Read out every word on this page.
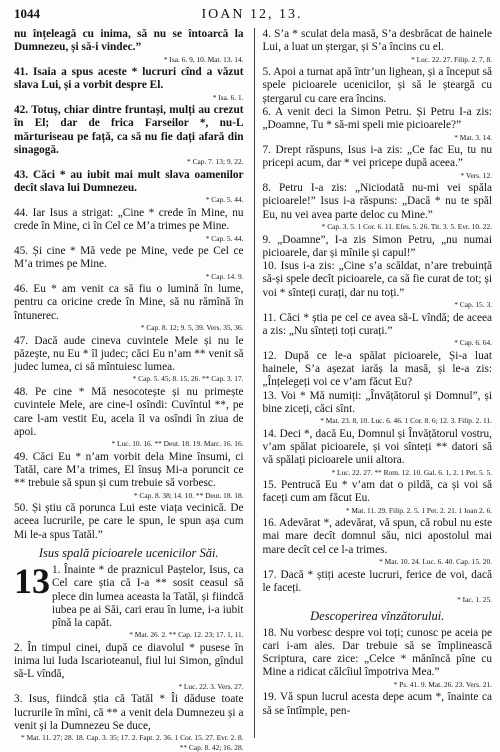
1044	IOAN 12, 13.

nu înțeleagă cu inima, să nu se întoarcă la Dumnezeu, și să-i vindec.”

* Isa. 6. 9, 10. Mat. 13. 14.

41. Isaia a spus aceste * lucruri cînd a văzut slava Lui, și a vorbit despre El.

* Isa. 6. 1.

42. Totuș, chiar dintre fruntași, mulți au crezut în El; dar de frica Farseilor *, nu-L mărturiseau pe față, ca să nu fie dați afară din sinagogă.

* Cap. 7. 13; 9. 22.

43. Căci * au iubit mai mult slava oamenilor decît slava lui Dumnezeu.

* Cap. 5. 44.

44. Iar Isus a strigat: „Cine * crede în Mine, nu crede în Mine, ci în Cel ce M’a trimes pe Mine.

* Cap. 5. 44.

45. Și cine * Mă vede pe Mine, vede pe Cel ce M’a trimes pe Mine.

* Cap. 14. 9.

46. Eu * am venit ca să fiu o lumină în lume, pentru ca oricine crede în Mine, să nu rămînă în întunerec.

* Cap. 8. 12; 9. 5, 39. Vers. 35, 36.

47. Dacă aude cineva cuvintele Mele și nu le păzește, nu Eu * îl judec; căci Eu n’am ** venit să judec lumea, ci să mîntuiesc lumea.

* Cap. 5. 45; 8. 15, 26. ** Cap. 3. 17.

48. Pe cine * Mă nesocotește și nu primește cuvintele Mele, are cine-l osîndi: Cuvîntul **, pe care l-am vestit Eu, acela îl va osîndi în ziua de apoi.

* Luc. 10. 16. ** Deut. 18. 19. Marc. 16. 16.

49. Căci Eu * n’am vorbit dela Mine însumi, ci Tatăl, care M’a trimes, El însuș Mi-a poruncit ce ** trebuie să spun și cum trebuie să vorbesc.

* Cap. 8. 38; 14. 10. ** Deut. 18. 18.

50. Și știu că porunca Lui este viața vecinică. De aceea lucrurile, pe care le spun, le spun așa cum Mi le-a spus Tatăl.”

Isus spală picioarele ucenicilor Săi.

13 1. Înainte * de praznicul Paștelor, Isus, ca Cel care știa că I-a ** sosit ceasul să plece din lumea aceasta la Tatăl, și fiindcă iubea pe ai Săi, cari erau în lume, i-a iubit pînă la capăt.

* Mat. 26. 2. ** Cap. 12. 23; 17. 1, 11.

2. În timpul cinei, după ce diavolul * pusese în inima lui Iuda Iscarioteanul, fiul lui Simon, gîndul să-L vîndă,

* Luc. 22. 3. Vers. 27.

3. Isus, fiindcă știa că Tatăl * Îi dăduse toate lucrurile în mîni, că ** a venit dela Dumnezeu și a venit și la Dumnezeu Se duce,

* Mat. 11. 27; 28. 18. Cap. 3. 35; 17. 2. Fapt. 2. 36. 1 Cor. 15. 27. Evr. 2. 8. ** Cap. 8. 42; 16. 28.

4. S’a * sculat dela masă, S’a desbrăcat de hainele Lui, a luat un ștergar, și S’a încins cu el.

* Luc. 22. 27. Filip. 2. 7, 8.

5. Apoi a turnat apă într’un lighean, și a început să spele picioarele ucenicilor, și să le șteargă cu ștergarul cu care era încins.

6. A venit deci la Simon Petru. Și Petru I-a zis: „Doamne, Tu * să-mi speli mie picioarele?”

* Mat. 3. 14.

7. Drept răspuns, Isus i-a zis: „Ce fac Eu, tu nu pricepi acum, dar * vei pricepe după aceea.”

* Vers. 12.

8. Petru I-a zis: „Niciodată nu-mi vei spăla picioarele!” Isus i-a răspuns: „Dacă * nu te spăl Eu, nu vei avea parte deloc cu Mine.”

* Cap. 3. 5. 1 Cor. 6. 11. Efes. 5. 26. Tit. 3. 5. Evr. 10. 22.

9. „Doamne”, I-a zis Simon Petru, „nu numai picioarele, dar și mînile și capul!”

10. Isus i-a zis: „Cine s’a scăldat, n’are trebuință să-și spele decît picioarele, ca să fie curat de tot; și voi * sînteți curați, dar nu toți.”

* Cap. 15. 3.

11. Căci * știa pe cel ce avea să-L vîndă; de aceea a zis: „Nu sînteți toți curați.”

* Cap. 6. 64.

12. După ce le-a spălat picioarele, Și-a luat hainele, S’a așezat iarăș la masă, și le-a zis: „Înțelegeți voi ce v’am făcut Eu?

13. Voi * Mă numiți: „Învățătorul și Domnul”, și bine ziceți, căci sînt.

* Mat. 23. 8, 10. Luc. 6. 46. 1 Cor. 8. 6; 12. 3. Filip. 2. 11.

14. Deci *, dacă Eu, Domnul și Învățătorul vostru, v’am spălat picioarele, și voi sînteți ** datori să vă spălați picioarele unii altora.

* Luc. 22. 27. ** Rom. 12. 10. Gal. 6. 1, 2. 1 Pet. 5. 5.

15. Pentrucă Eu * v’am dat o pildă, ca și voi să faceți cum am făcut Eu.

* Mat. 11. 29. Filip. 2. 5. 1 Pet. 2. 21. 1 Ioan 2. 6.

16. Adevărat *, adevărat, vă spun, că robul nu este mai mare decît domnul său, nici apostolul mai mare decît cel ce l-a trimes.

* Mat. 10. 24. Luc. 6. 40. Cap. 15. 20.

17. Dacă * știți aceste lucruri, ferice de voi, dacă le faceți.

* Iac. 1. 25.

Descoperirea vînzătorului.

18. Nu vorbesc despre voi toți; cunosc pe aceia pe cari i-am ales. Dar trebuie să se împlinească Scriptura, care zice: „Celce * mănîncă pîne cu Mine a ridicat călcîiul împotriva Mea.”

* Ps. 41. 9. Mat. 26. 23. Vers. 21.

19. Vă spun lucrul acesta depe acum *, înainte ca să se întîmple, pen-
